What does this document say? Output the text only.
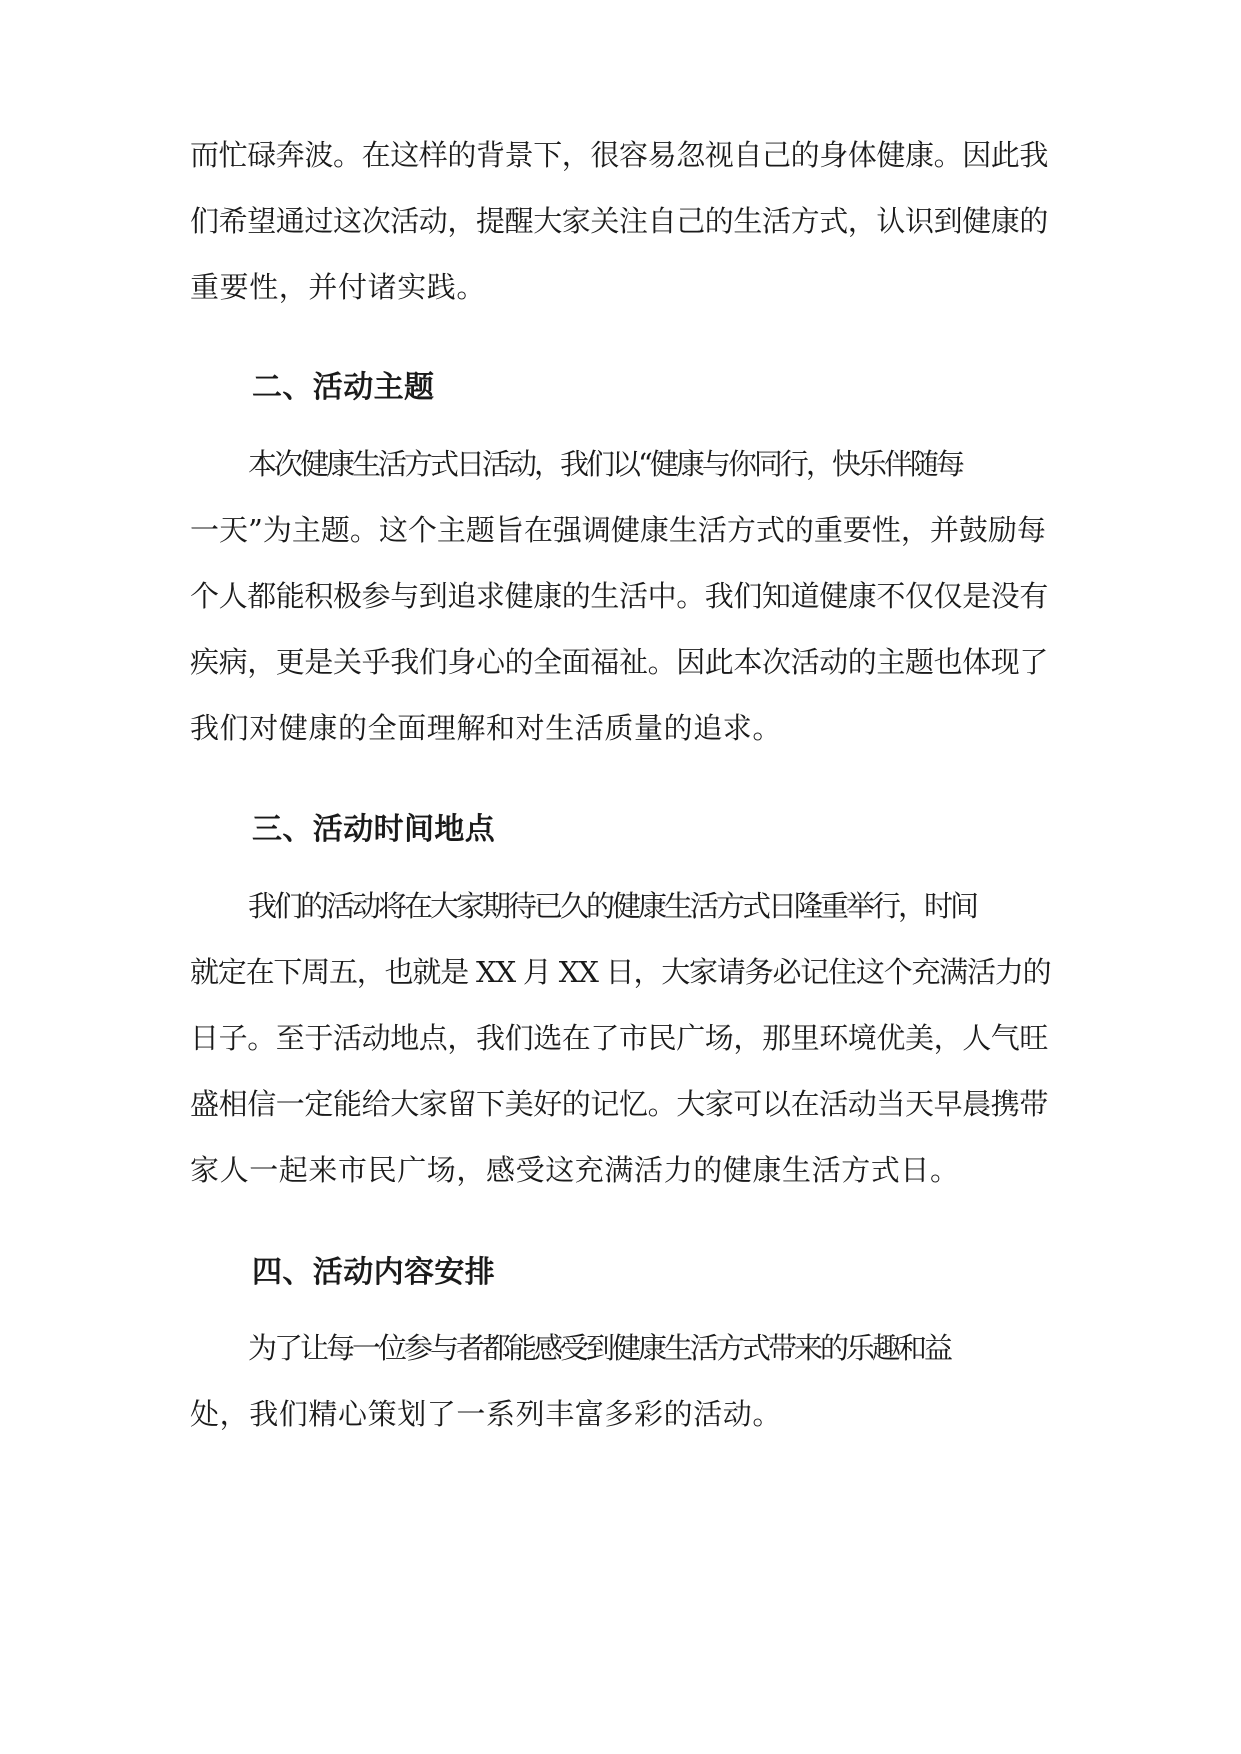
而忙碌奔波。在这样的背景下，很容易忽视自己的身体健康。因此我

们希望通过这次活动，提醒大家关注自己的生活方式，认识到健康的

重要性，并付诸实践。

二、活动主题

本次健康生活方式日活动，我们以“健康与你同行，快乐伴随每

一天”为主题。这个主题旨在强调健康生活方式的重要性，并鼓励每

个人都能积极参与到追求健康的生活中。我们知道健康不仅仅是没有

疾病，更是关乎我们身心的全面福祉。因此本次活动的主题也体现了

我们对健康的全面理解和对生活质量的追求。

三、活动时间地点

我们的活动将在大家期待已久的健康生活方式日隆重举行，时间

就定在下周五，也就是 XX 月 XX 日，大家请务必记住这个充满活力的

日子。至于活动地点，我们选在了市民广场，那里环境优美，人气旺

盛相信一定能给大家留下美好的记忆。大家可以在活动当天早晨携带

家人一起来市民广场，感受这充满活力的健康生活方式日。

四、活动内容安排

为了让每一位参与者都能感受到健康生活方式带来的乐趣和益

处，我们精心策划了一系列丰富多彩的活动。
